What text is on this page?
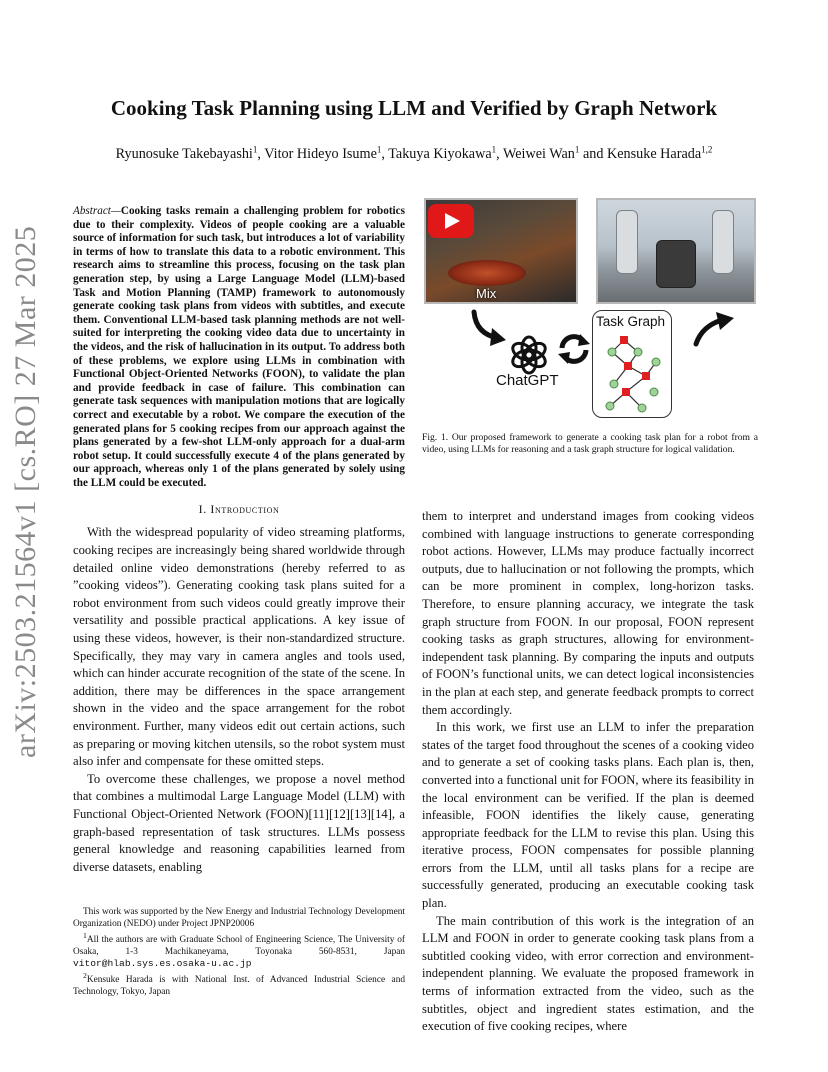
arXiv:2503.21564v1 [cs.RO] 27 Mar 2025
Cooking Task Planning using LLM and Verified by Graph Network

Ryunosuke Takebayashi$^1$, Vitor Hideyo Isume$^1$, Takuya Kiyokawa$^1$, Weiwei Wan$^1$ and Kensuke Harada$^{1,2}$

Abstract—Cooking tasks remain a challenging problem for robotics due to their complexity. Videos of people cooking are a valuable source of information for such task, but introduces a lot of variability in terms of how to translate this data to a robotic environment. This research aims to streamline this process, focusing on the task plan generation step, by using a Large Language Model (LLM)-based Task and Motion Planning (TAMP) framework to autonomously generate cooking task plans from videos with subtitles, and execute them. Conventional LLM-based task planning methods are not well-suited for interpreting the cooking video data due to uncertainty in the videos, and the risk of hallucination in its output. To address both of these problems, we explore using LLMs in combination with Functional Object-Oriented Networks (FOON), to validate the plan and provide feedback in case of failure. This combination can generate task sequences with manipulation motions that are logically correct and executable by a robot. We compare the execution of the generated plans for 5 cooking recipes from our approach against the plans generated by a few-shot LLM-only approach for a dual-arm robot setup. It could successfully execute 4 of the plans generated by our approach, whereas only 1 of the plans generated by solely using the LLM could be executed.

I. Introduction

With the widespread popularity of video streaming platforms, cooking recipes are increasingly being shared worldwide through detailed online video demonstrations (hereby referred to as ”cooking videos”). Generating cooking task plans suited for a robot environment from such videos could greatly improve their versatility and possible practical applications. A key issue of using these videos, however, is their non-standardized structure. Specifically, they may vary in camera angles and tools used, which can hinder accurate recognition of the state of the scene. In addition, there may be differences in the space arrangement shown in the video and the space arrangement for the robot environment. Further, many videos edit out certain actions, such as preparing or moving kitchen utensils, so the robot system must also infer and compensate for these omitted steps.

To overcome these challenges, we propose a novel method that combines a multimodal Large Language Model (LLM) with Functional Object-Oriented Network (FOON)[11][12][13][14], a graph-based representation of task structures. LLMs possess general knowledge and reasoning capabilities learned from diverse datasets, enabling

This work was supported by the New Energy and Industrial Technology Development Organization (NEDO) under Project JPNP20006

$^1$All the authors are with Graduate School of Engineering Science, The University of Osaka, 1-3 Machikaneyama, Toyonaka 560-8531, Japan vitor@hlab.sys.es.osaka-u.ac.jp

$^2$Kensuke Harada is with National Inst. of Advanced Industrial Science and Technology, Tokyo, Japan

Mix
ChatGPT
Task Graph

Fig. 1. Our proposed framework to generate a cooking task plan for a robot from a video, using LLMs for reasoning and a task graph structure for logical validation.

them to interpret and understand images from cooking videos combined with language instructions to generate corresponding robot actions. However, LLMs may produce factually incorrect outputs, due to hallucination or not following the prompts, which can be more prominent in complex, long-horizon tasks. Therefore, to ensure planning accuracy, we integrate the task graph structure from FOON. In our proposal, FOON represent cooking tasks as graph structures, allowing for environment-independent task planning. By comparing the inputs and outputs of FOON’s functional units, we can detect logical inconsistencies in the plan at each step, and generate feedback prompts to correct them accordingly.

In this work, we first use an LLM to infer the preparation states of the target food throughout the scenes of a cooking video and to generate a set of cooking tasks plans. Each plan is, then, converted into a functional unit for FOON, where its feasibility in the local environment can be verified. If the plan is deemed infeasible, FOON identifies the likely cause, generating appropriate feedback for the LLM to revise this plan. Using this iterative process, FOON compensates for possible planning errors from the LLM, until all tasks plans for a recipe are successfully generated, producing an executable cooking task plan.

The main contribution of this work is the integration of an LLM and FOON in order to generate cooking task plans from a subtitled cooking video, with error correction and environment-independent planning. We evaluate the proposed framework in terms of information extracted from the video, such as the subtitles, object and ingredient states estimation, and the execution of five cooking recipes, where
